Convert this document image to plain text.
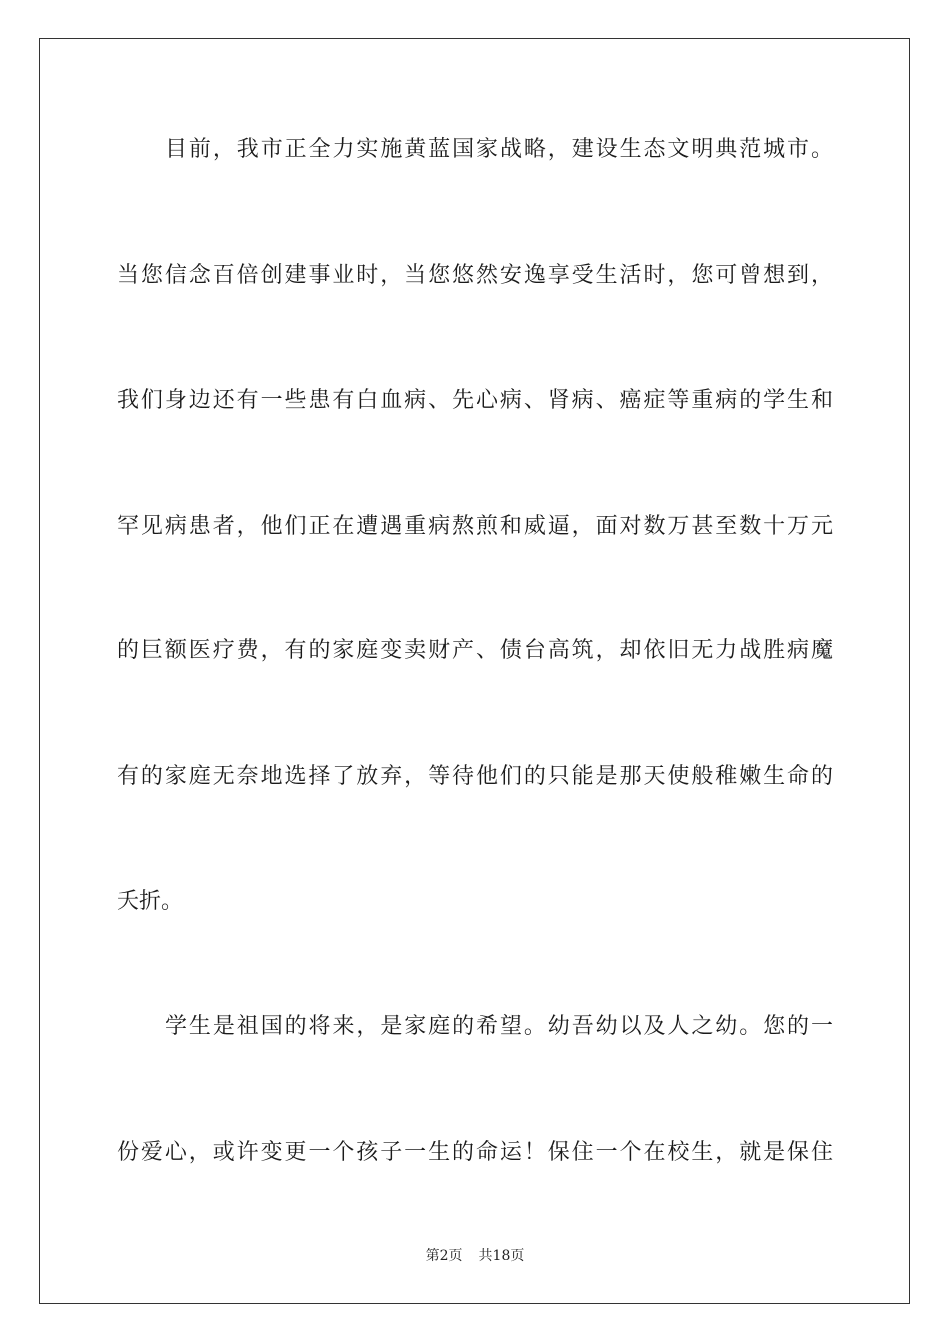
目前，我市正全力实施黄蓝国家战略，建设生态文明典范城市。
当您信念百倍创建事业时，当您悠然安逸享受生活时，您可曾想到，
我们身边还有一些患有白血病、先心病、肾病、癌症等重病的学生和
罕见病患者，他们正在遭遇重病熬煎和威逼，面对数万甚至数十万元
的巨额医疗费，有的家庭变卖财产、债台高筑，却依旧无力战胜病魔
有的家庭无奈地选择了放弃，等待他们的只能是那天使般稚嫩生命的
夭折。
学生是祖国的将来，是家庭的希望。幼吾幼以及人之幼。您的一
份爱心，或许变更一个孩子一生的命运！保住一个在校生，就是保住
第2页 共18页
